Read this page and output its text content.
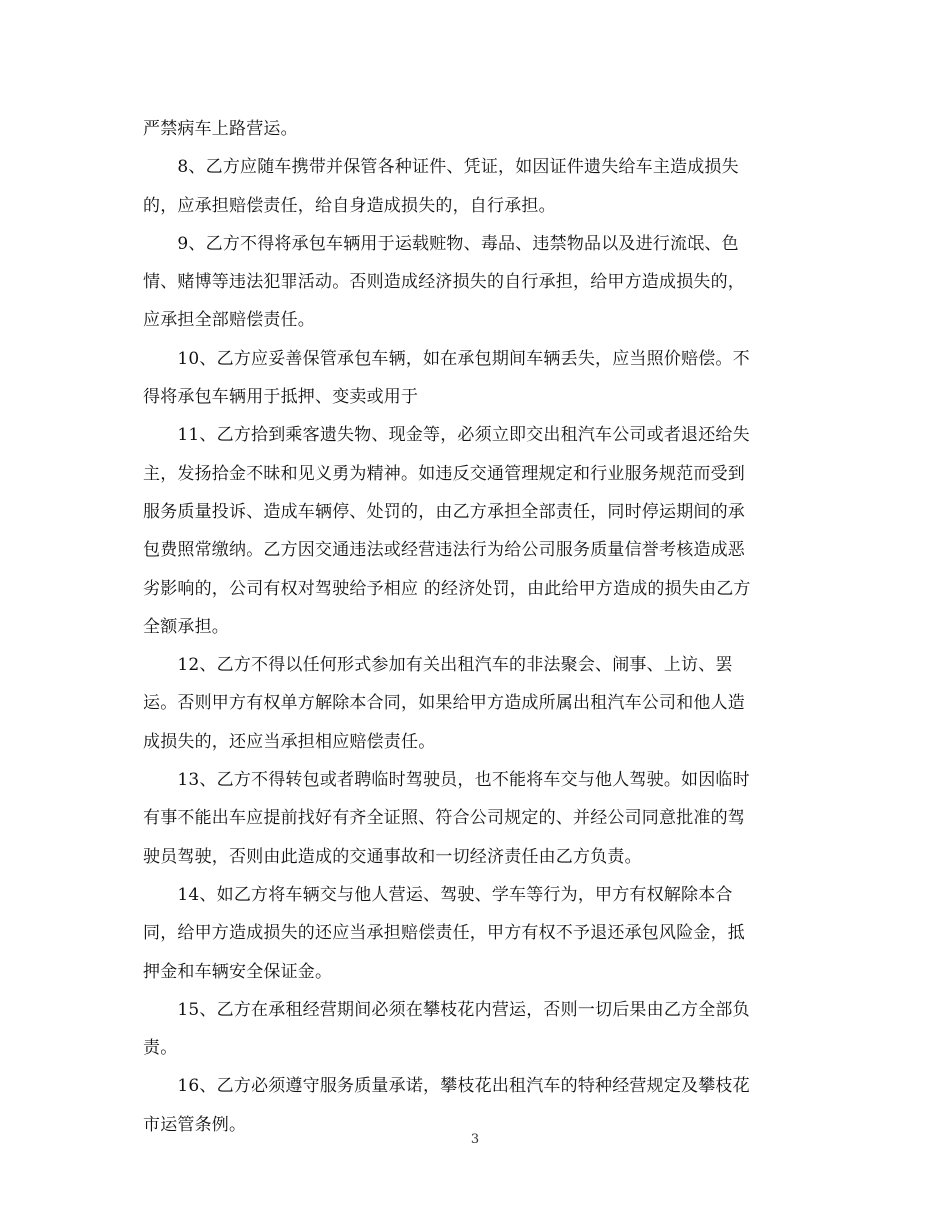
严禁病车上路营运。
　　8、乙方应随车携带并保管各种证件、凭证，如因证件遗失给车主造成损失
的，应承担赔偿责任，给自身造成损失的，自行承担。
　　9、乙方不得将承包车辆用于运载赃物、毒品、违禁物品以及进行流氓、色
情、赌博等违法犯罪活动。否则造成经济损失的自行承担，给甲方造成损失的，
应承担全部赔偿责任。
　　10、乙方应妥善保管承包车辆，如在承包期间车辆丢失，应当照价赔偿。不
得将承包车辆用于抵押、变卖或用于
　　11、乙方拾到乘客遗失物、现金等，必须立即交出租汽车公司或者退还给失
主，发扬拾金不昧和见义勇为精神。如违反交通管理规定和行业服务规范而受到
服务质量投诉、造成车辆停、处罚的，由乙方承担全部责任，同时停运期间的承
包费照常缴纳。乙方因交通违法或经营违法行为给公司服务质量信誉考核造成恶
劣影响的，公司有权对驾驶给予相应 的经济处罚，由此给甲方造成的损失由乙方
全额承担。
　　12、乙方不得以任何形式参加有关出租汽车的非法聚会、闹事、上访、罢
运。否则甲方有权单方解除本合同，如果给甲方造成所属出租汽车公司和他人造
成损失的，还应当承担相应赔偿责任。
　　13、乙方不得转包或者聘临时驾驶员，也不能将车交与他人驾驶。如因临时
有事不能出车应提前找好有齐全证照、符合公司规定的、并经公司同意批准的驾
驶员驾驶，否则由此造成的交通事故和一切经济责任由乙方负责。
　　14、如乙方将车辆交与他人营运、驾驶、学车等行为，甲方有权解除本合
同，给甲方造成损失的还应当承担赔偿责任，甲方有权不予退还承包风险金，抵
押金和车辆安全保证金。
　　15、乙方在承租经营期间必须在攀枝花内营运，否则一切后果由乙方全部负
责。
　　16、乙方必须遵守服务质量承诺，攀枝花出租汽车的特种经营规定及攀枝花
市运管条例。
3
